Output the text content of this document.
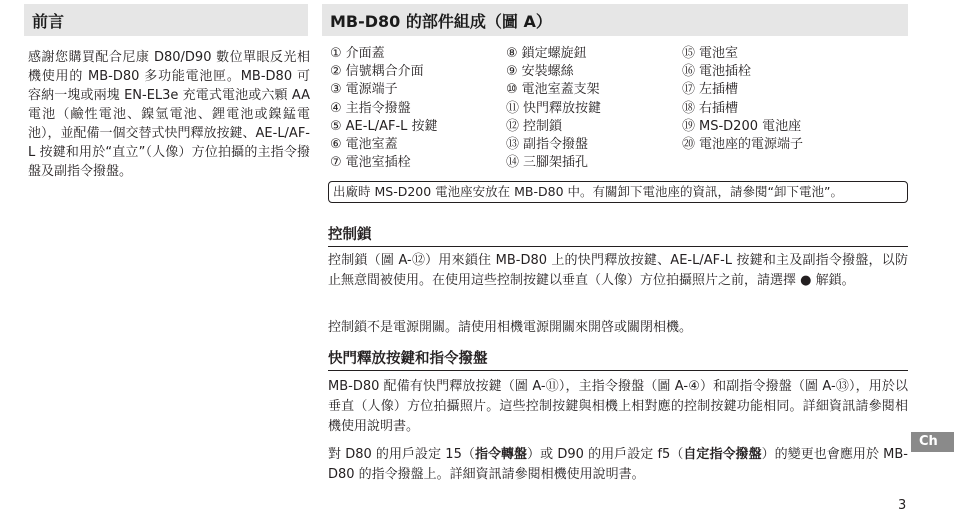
前言

感謝您購買配合尼康 D80/D90 數位單眼反光相機使用的 MB-D80 多功能電池匣。MB-D80 可容納一塊或兩塊 EN-EL3e 充電式電池或六顆 AA 電池（鹼性電池、鎳氫電池、鋰電池或鎳錳電池），並配備一個交替式快門釋放按鍵、AE-L/AF-L 按鍵和用於“直立”（人像）方位拍攝的主指令撥盤及副指令撥盤。

MB-D80 的部件組成（圖 A）
① 介面蓋	⑧ 鎖定螺旋鈕	⑮ 電池室
② 信號耦合介面	⑨ 安裝螺絲	⑯ 電池插栓
③ 電源端子	⑩ 電池室蓋支架	⑰ 左插槽
④ 主指令撥盤	⑪ 快門釋放按鍵	⑱ 右插槽
⑤ AE-L/AF-L 按鍵	⑫ 控制鎖	⑲ MS-D200 電池座
⑥ 電池室蓋	⑬ 副指令撥盤	⑳ 電池座的電源端子
⑦ 電池室插栓	⑭ 三腳架插孔
出廠時 MS-D200 電池座安放在 MB-D80 中。有關卸下電池座的資訊，請參閱“卸下電池”。
控制鎖

控制鎖（圖 A-⑫）用來鎖住 MB-D80 上的快門釋放按鍵、AE-L/AF-L 按鍵和主及副指令撥盤，以防止無意間被使用。在使用這些控制按鍵以垂直（人像）方位拍攝照片之前，請選擇 ● 解鎖。

控制鎖不是電源開關。請使用相機電源開關來開啓或關閉相機。

快門釋放按鍵和指令撥盤

MB-D80 配備有快門釋放按鍵（圖 A-⑪），主指令撥盤（圖 A-④）和副指令撥盤（圖 A-⑬），用於以垂直（人像）方位拍攝照片。這些控制按鍵與相機上相對應的控制按鍵功能相同。詳細資訊請參閱相機使用說明書。

對 D80 的用戶設定 15（指令轉盤）或 D90 的用戶設定 f5（自定指令撥盤）的變更也會應用於 MB-D80 的指令撥盤上。詳細資訊請參閱相機使用說明書。

Ch
3
